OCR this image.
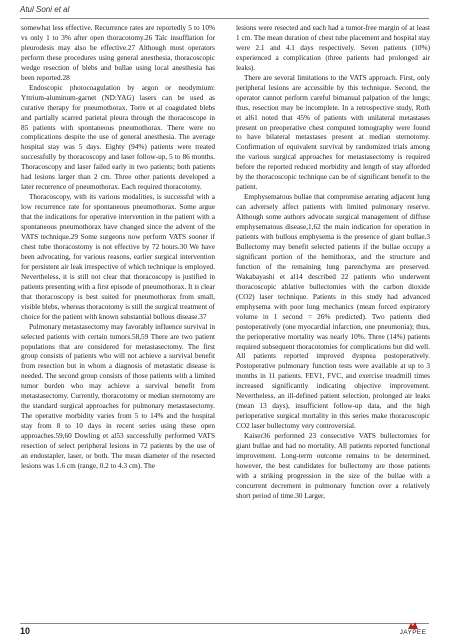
Atul Soni et al

somewhat less effective. Recurrence rates are reportedly 5 to 10% vs only 1 to 3% after open thoracotomy.26 Talc insufflation for pleurodesis may also be effective.27 Although most operators perform these procedures using general anesthesia, thoracoscopic wedge resection of blebs and bullae using local anesthesia has been reported.28

Endoscopic photocoagulation by argon or neodymium: Yttrium-aluminum-garnet (ND:YAG) lasers can be used as curative therapy for pneumothorax. Torre et al coagulated blebs and partially scarred parietal pleura through the thoracoscope in 85 patients with spontaneous pneumothorax. There were no complications despite the use of general anesthesia. The average hospital stay was 5 days. Eighty (94%) patients were treated successfully by thoracoscopy and laser follow-up, 5 to 86 months. Thoracoscopy and laser failed early in two patients; both patients had lesions larger than 2 cm. Three other patients developed a later recurrence of pneumothorax. Each required thoracotomy.

Thoracoscopy, with its various modalities, is successful with a low recurrence rate for spontaneous pneumothorax. Some argue that the indications for operative intervention in the patient with a spontaneous pneumothorax have changed since the advent of the VATS technique.29 Some surgeons now perform VATS sooner if chest tube thoracostomy is not effective by 72 hours.30 We have been advocating, for various reasons, earlier surgical intervention for persistent air leak irrespective of which technique is employed. Nevertheless, it is still not clear that thoracoscopy is justified in patients presenting with a first episode of pneumothorax. It is clear that thoracoscopy is best suited for pneumothorax from small, visible blebs, whereas thoracotomy is still the surgical treatment of choice for the patient with known substantial bullous disease.37

Pulmonary metastasectomy may favorably influence survival in selected patients with certain tumors.58,59 There are two patient populations that are considered for metastasectomy. The first group consists of patients who will not achieve a survival benefit from resection but in whom a diagnosis of metastatic disease is needed. The second group consists of those patients with a limited tumor burden who may achieve a survival benefit from metastasectomy. Currently, thoracotomy or median sternotomy are the standard surgical approaches for pulmonary metastasectomy. The operative morbidity varies from 5 to 14% and the hospital stay from 8 to 10 days in recent series using these open approaches.59,60 Dowling et al53 successfully performed VATS resection of select peripheral lesions in 72 patients by the use of an endostapler, laser, or both. The mean diameter of the resected lesions was 1.6 cm (range, 0.2 to 4.3 cm). The

lesions were resected and each had a tumor-free margin of at least 1 cm. The mean duration of chest tube placement and hospital stay were 2.1 and 4.1 days respectively. Seven patients (10%) experienced a complication (three patients had prolonged air leaks).

There are several limitations to the VATS approach. First, only peripheral lesions are accessible by this technique. Second, the operator cannot perform careful bimanual palpation of the lungs; thus, resection may be incomplete. In a retrospective study, Roth et al61 noted that 45% of patients with unilateral metastases present on preoperative chest computed tomography were found to have bilateral metastases present at median sternotomy. Confirmation of equivalent survival by randomized trials among the various surgical approaches for metastasectomy is required before the reported reduced morbidity and length of stay afforded by the thoracoscopic technique can be of significant benefit to the patient.

Emphysematous bullae that compromise aerating adjacent lung can adversely affect patients with limited pulmonary reserve. Although some authors advocate surgical management of diffuse emphysematous disease,1,62 the main indication for operation in patients with bullous emphysema is the presence of giant bullae.3 Bullectomy may benefit selected patients if the bullae occupy a significant portion of the hemithorax, and the structure and function of the remaining lung parenchyma are preserved. Wakabayashi et al14 described 22 patients who underwent thoracoscopic ablative bullectomies with the carbon dioxide (CO2) laser technique. Patients in this study had advanced emphysema with poor lung mechanics (mean forced expiratory volume in 1 second = 26% predicted). Two patients died postoperatively (one myocardial infarction, one pneumonia); thus, the perioperative mortality was nearly 10%. Three (14%) patients required subsequent thoracotomies for complications but did well. All patients reported improved dyspnea postoperatively. Postoperative pulmonary function tests were available at up to 3 months in 11 patients. FEV1, FVC, and exercise treadmill times increased significantly indicating objective improvement. Nevertheless, an ill-defined patient selection, prolonged air leaks (mean 13 days), insufficient follow-up data, and the high perioperative surgical mortality in this series make thoracoscopic CO2 laser bullectomy very controversial.

Kaiser36 performed 23 consecutive VATS bullectomies for giant bullae and had no mortality. All patients reported functional improvement. Long-term outcome remains to be determined, however, the best candidates for bullectomy are those patients with a striking progression in the size of the bullae with a concurrent decrement in pulmonary function over a relatively short period of time.30 Larger,

10	JAYPEE
